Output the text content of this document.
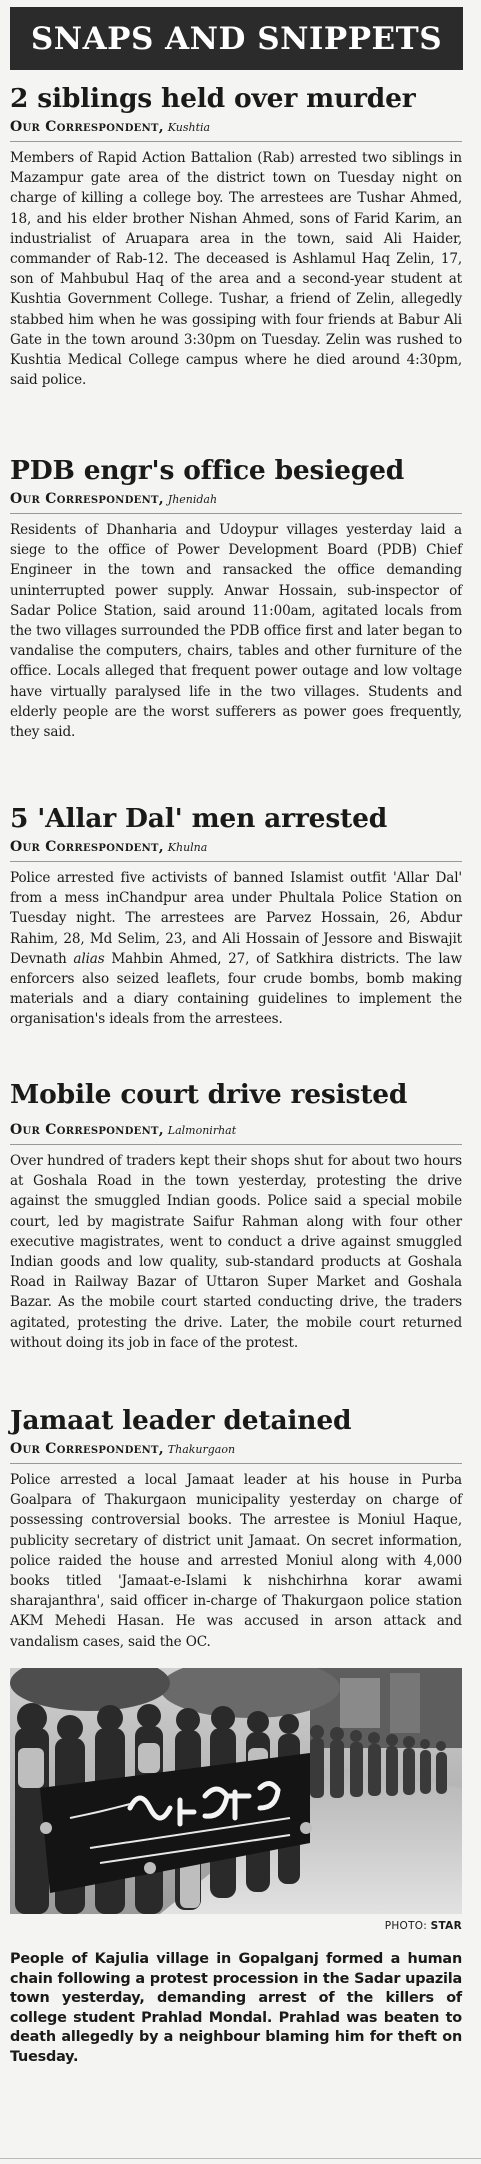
SNAPS AND SNIPPETS
2 siblings held over murder
Our Correspondent, Kushtia

Members of Rapid Action Battalion (Rab) arrested two siblings in Mazampur gate area of the district town on Tuesday night on charge of killing a college boy. The arrestees are Tushar Ahmed, 18, and his elder brother Nishan Ahmed, sons of Farid Karim, an industrialist of Aruapara area in the town, said Ali Haider, commander of Rab-12. The deceased is Ashlamul Haq Zelin, 17, son of Mahbubul Haq of the area and a second-year student at Kushtia Government College. Tushar, a friend of Zelin, allegedly stabbed him when he was gossiping with four friends at Babur Ali Gate in the town around 3:30pm on Tuesday. Zelin was rushed to Kushtia Medical College campus where he died around 4:30pm, said police.

PDB engr's office besieged
Our Correspondent, Jhenidah

Residents of Dhanharia and Udoypur villages yesterday laid a siege to the office of Power Development Board (PDB) Chief Engineer in the town and ransacked the office demanding uninterrupted power supply. Anwar Hossain, sub-inspector of Sadar Police Station, said around 11:00am, agitated locals from the two villages surrounded the PDB office first and later began to vandalise the computers, chairs, tables and other furniture of the office. Locals alleged that frequent power outage and low voltage have virtually paralysed life in the two villages. Students and elderly people are the worst sufferers as power goes frequently, they said.

5 'Allar Dal' men arrested
Our Correspondent, Khulna

Police arrested five activists of banned Islamist outfit 'Allar Dal' from a mess inChandpur area under Phultala Police Station on Tuesday night. The arrestees are Parvez Hossain, 26, Abdur Rahim, 28, Md Selim, 23, and Ali Hossain of Jessore and Biswajit Devnath alias Mahbin Ahmed, 27, of Satkhira districts. The law enforcers also seized leaflets, four crude bombs, bomb making materials and a diary containing guidelines to implement the organisation's ideals from the arrestees.

Mobile court drive resisted
Our Correspondent, Lalmonirhat

Over hundred of traders kept their shops shut for about two hours at Goshala Road in the town yesterday, protesting the drive against the smuggled Indian goods. Police said a special mobile court, led by magistrate Saifur Rahman along with four other executive magistrates, went to conduct a drive against smuggled Indian goods and low quality, sub-standard products at Goshala Road in Railway Bazar of Uttaron Super Market and Goshala Bazar. As the mobile court started conducting drive, the traders agitated, protesting the drive. Later, the mobile court returned without doing its job in face of the protest.

Jamaat leader detained
Our Correspondent, Thakurgaon

Police arrested a local Jamaat leader at his house in Purba Goalpara of Thakurgaon municipality yesterday on charge of possessing controversial books. The arrestee is Moniul Haque, publicity secretary of district unit Jamaat. On secret information, police raided the house and arrested Moniul along with 4,000 books titled 'Jamaat-e-Islami k nishchirhna korar awami sharajanthra', said officer in-charge of Thakurgaon police station AKM Mehedi Hasan. He was accused in arson attack and vandalism cases, said the OC.

PHOTO: STAR

People of Kajulia village in Gopalganj formed a human chain following a protest procession in the Sadar upazila town yesterday, demanding arrest of the killers of college student Prahlad Mondal. Prahlad was beaten to death allegedly by a neighbour blaming him for theft on Tuesday.
